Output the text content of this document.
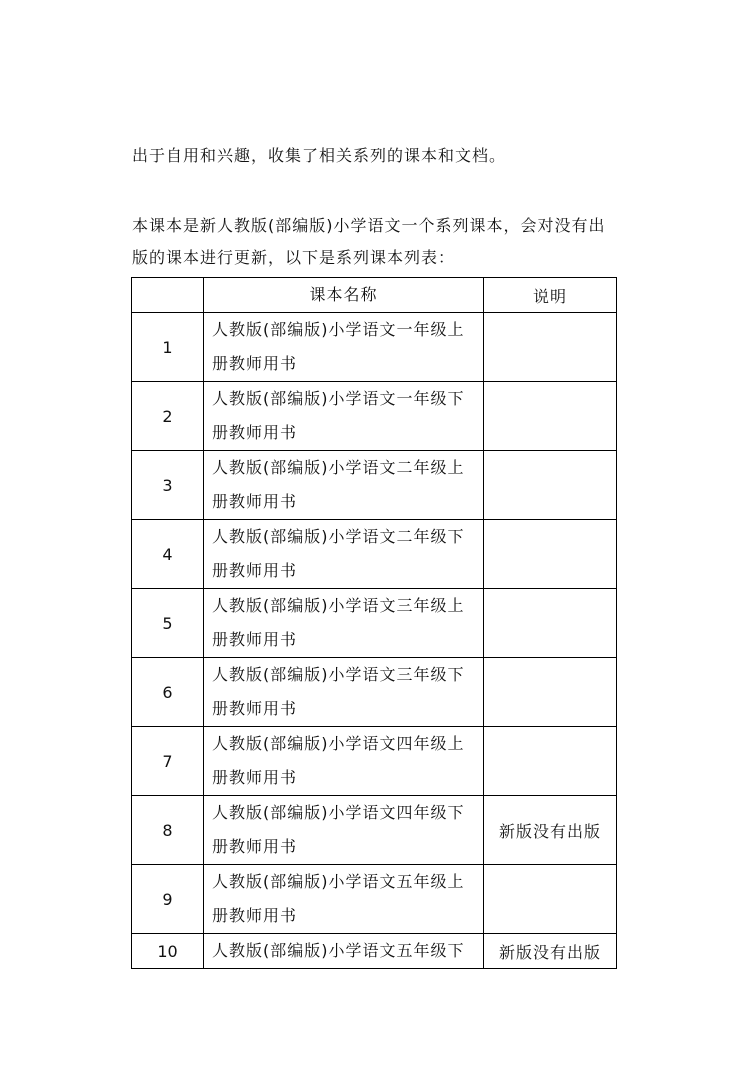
出于自用和兴趣，收集了相关系列的课本和文档。

本课本是新人教版(部编版)小学语文一个系列课本，会对没有出版的课本进行更新，以下是系列课本列表：

	课本名称	说明
1	人教版(部编版)小学语文一年级上册教师用书	
2	人教版(部编版)小学语文一年级下册教师用书	
3	人教版(部编版)小学语文二年级上册教师用书	
4	人教版(部编版)小学语文二年级下册教师用书	
5	人教版(部编版)小学语文三年级上册教师用书	
6	人教版(部编版)小学语文三年级下册教师用书	
7	人教版(部编版)小学语文四年级上册教师用书	
8	人教版(部编版)小学语文四年级下册教师用书	新版没有出版
9	人教版(部编版)小学语文五年级上册教师用书	
10	人教版(部编版)小学语文五年级下	新版没有出版
